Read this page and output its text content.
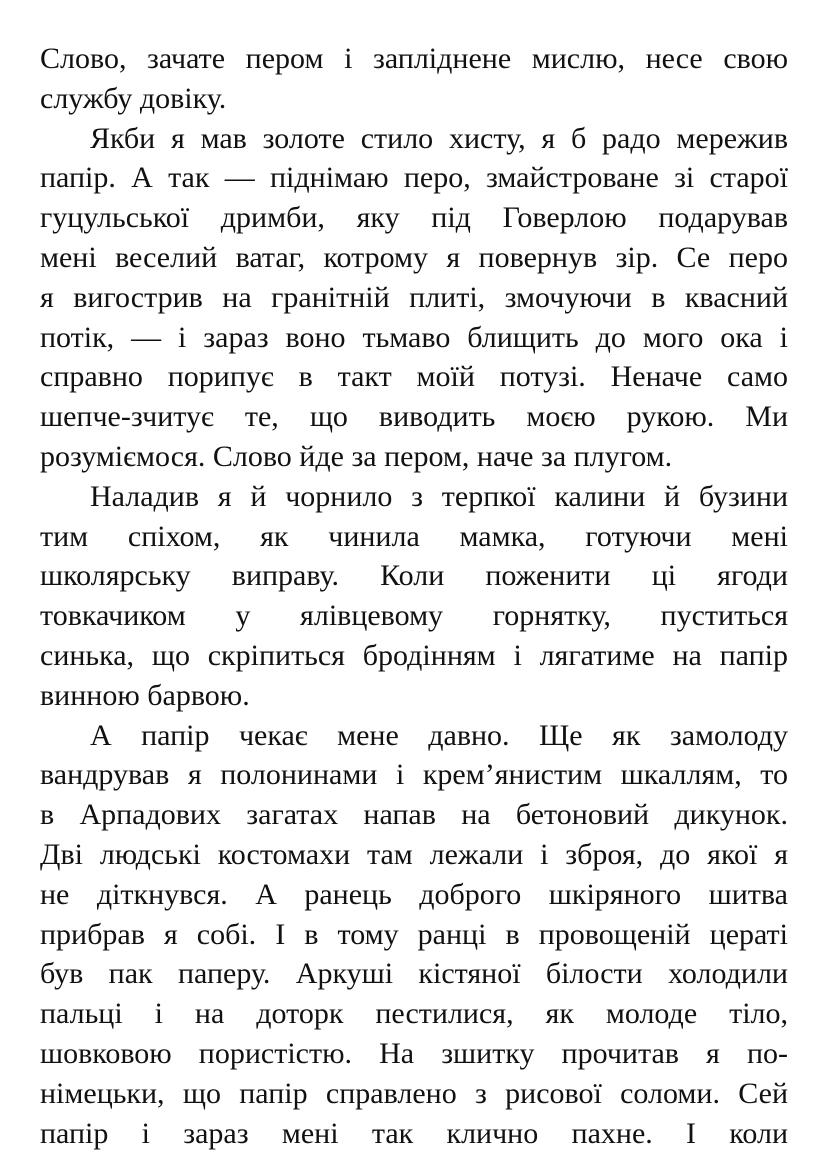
Слово, зачате пером і запліднене мислю, несе свою
службу довіку.
Якби я мав золоте стило хисту, я б радо мережив
папір. А так — піднімаю перо, змайстроване зі старої
гуцульської дримби, яку під Говерлою подарував
мені веселий ватаг, котрому я повернув зір. Се перо
я вигострив на гранітній плиті, змочуючи в квасний
потік, — і зараз воно тьмаво блищить до мого ока і
справно порипує в такт моїй потузі. Неначе само
шепче-зчитує те, що виводить моєю рукою. Ми
розуміємося. Слово йде за пером, наче за плугом.
Наладив я й чорнило з терпкої калини й бузини
тим спіхом, як чинила мамка, готуючи мені
школярську виправу. Коли поженити ці ягоди
товкачиком у ялівцевому горнятку, пуститься
синька, що скріпиться бродінням і лягатиме на папір
винною барвою.
А папір чекає мене давно. Ще як замолоду
вандрував я полонинами і крем’янистим шкаллям, то
в Арпадових загатах напав на бетоновий дикунок.
Дві людські костомахи там лежали і зброя, до якої я
не діткнувся. А ранець доброго шкіряного шитва
прибрав я собі. І в тому ранці в провощеній цераті
був пак паперу. Аркуші кістяної білости холодили
пальці і на доторк пестилися, як молоде тіло,
шовковою пористістю. На зшитку прочитав я по-
німецьки, що папір справлено з рисової соломи. Сей
папір і зараз мені так клично пахне. І коли
